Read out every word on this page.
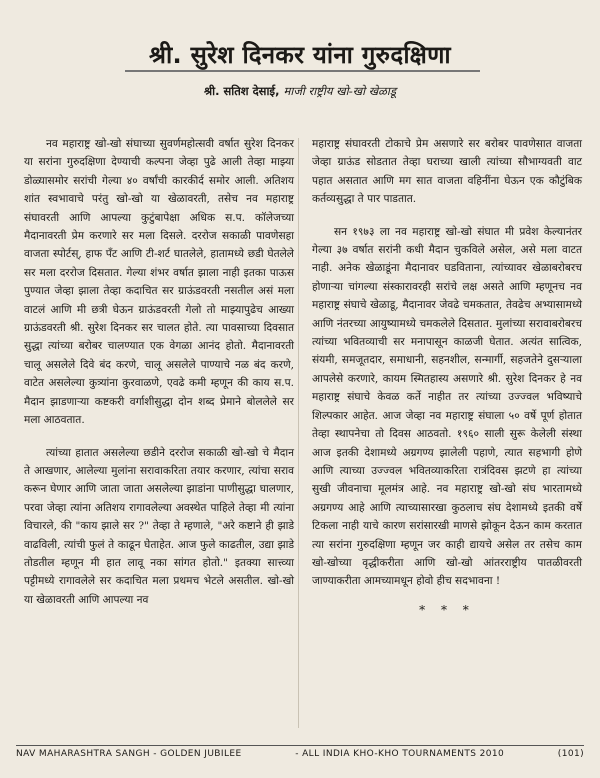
श्री. सुरेश दिनकर यांना गुरुदक्षिणा
श्री. सतिश देसाई, माजी राष्ट्रीय खो-खो खेळाडू

नव महाराष्ट्र खो-खो संघाच्या सुवर्णमहोत्सवी वर्षात सुरेश दिनकर या सरांना गुरुदक्षिणा देण्याची कल्पना जेव्हा पुढे आली तेव्हा माझ्या डोळ्यासमोर सरांची गेल्या ४० वर्षांची कारकीर्द समोर आली. अतिशय शांत स्वभावाचे परंतु खो-खो या खेळावरती, तसेच नव महाराष्ट्र संघावरती आणि आपल्या कुटुंबापेक्षा अधिक स.प. कॉलेजच्या मैदानावरती प्रेम करणारे सर मला दिसले. दररोज सकाळी पावणेसहा वाजता स्पोर्टस्, हाफ पँट आणि टी-शर्ट घातलेले, हातामध्ये छडी घेतलेले सर मला दररोज दिसतात. गेल्या शंभर वर्षात झाला नाही इतका पाऊस पुण्यात जेव्हा झाला तेव्हा कदाचित सर ग्राऊंडवरती नसतील असं मला वाटलं आणि मी छत्री घेऊन ग्राऊंडवरती गेलो तो माझ्यापुढेच आख्या ग्राऊंडवरती श्री. सुरेश दिनकर सर चालत होते. त्या पावसाच्या दिवसात सुद्धा त्यांच्या बरोबर चालण्यात एक वेगळा आनंद होतो. मैदानावरती चालू असलेले दिवे बंद करणे, चालू असलेले पाण्याचे नळ बंद करणे, वाटेत असलेल्या कुत्र्यांना कुरवाळणे, एवढे कमी म्हणून की काय स.प. मैदान झाडणाऱ्या कष्टकरी वर्गाशीसुद्धा दोन शब्द प्रेमाने बोललेले सर मला आठवतात.

त्यांच्या हातात असलेल्या छडीने दररोज सकाळी खो-खो चे मैदान ते आखणार, आलेल्या मुलांना सरावाकरिता तयार करणार, त्यांचा सराव करून घेणार आणि जाता जाता असलेल्या झाडांना पाणीसुद्धा घालणार, परवा जेव्हा त्यांना अतिशय रागावलेल्या अवस्थेत पाहिले तेव्हा मी त्यांना विचारले, की "काय झाले सर ?" तेव्हा ते म्हणाले, "अरे कष्टाने ही झाडे वाढविली, त्यांची फुलं ते काढून घेताहेत. आज फुले काढतील, उद्या झाडे तोडतील म्हणून मी हात लावू नका सांगत होतो." इतक्या सात्त्व्या पट्टीमध्ये रागावलेले सर कदाचित मला प्रथमच भेटले असतील. खो-खो या खेळावरती आणि आपल्या नव

महाराष्ट्र संघावरती टोकाचे प्रेम असणारे सर बरोबर पावणेसात वाजता जेव्हा ग्राऊंड सोडतात तेव्हा घराच्या खाली त्यांच्या सौभाग्यवती वाट पहात असतात आणि मग सात वाजता वहिनींना घेऊन एक कौटुंबिक कर्तव्यसुद्धा ते पार पाडतात.

सन १९७३ ला नव महाराष्ट्र खो-खो संघात मी प्रवेश केल्यानंतर गेल्या ३७ वर्षात सरांनी कधी मैदान चुकविले असेल, असे मला वाटत नाही. अनेक खेळाडूंना मैदानावर घडविताना, त्यांच्यावर खेळाबरोबरच होणाऱ्या चांगल्या संस्कारावरही सरांचे लक्ष असते आणि म्हणूनच नव महाराष्ट्र संघाचे खेळाडू, मैदानावर जेवढे चमकतात, तेवढेच अभ्यासामध्ये आणि नंतरच्या आयुष्यामध्ये चमकलेले दिसतात. मुलांच्या सरावाबरोबरच त्यांच्या भवितव्याची सर मनापासून काळजी घेतात. अत्यंत सात्विक, संयमी, समजूतदार, समाधानी, सहनशील, सन्मार्गी, सहजतेने दुसऱ्याला आपलेसे करणारे, कायम स्मितहास्य असणारे श्री. सुरेश दिनकर हे नव महाराष्ट्र संघाचे केवळ कर्ते नाहीत तर त्यांच्या उज्ज्वल भविष्याचे शिल्पकार आहेत. आज जेव्हा नव महाराष्ट्र संघाला ५० वर्षे पूर्ण होतात तेव्हा स्थापनेचा तो दिवस आठवतो. १९६० साली सुरू केलेली संस्था आज इतकी देशामध्ये अग्रगण्य झालेली पहाणे, त्यात सहभागी होणे आणि त्याच्या उज्ज्वल भवितव्याकरिता रात्रंदिवस झटणे हा त्यांच्या सुखी जीवनाचा मूलमंत्र आहे. नव महाराष्ट्र खो-खो संघ भारतामध्ये अग्रगण्य आहे आणि त्याच्यासारखा कुठलाच संघ देशामध्ये इतकी वर्षे टिकला नाही याचे कारण सरांसारखी माणसे झोकून देऊन काम करतात त्या सरांना गुरुदक्षिणा म्हणून जर काही द्यायचे असेल तर तसेच काम खो-खोच्या वृद्धीकरीता आणि खो-खो आंतरराष्ट्रीय पातळीवरती जाण्याकरीता आमच्यामधून होवो हीच सदभावना !

* * *
NAV MAHARASHTRA SANGH - GOLDEN JUBILEE	- ALL INDIA KHO-KHO TOURNAMENTS 2010	(101)
